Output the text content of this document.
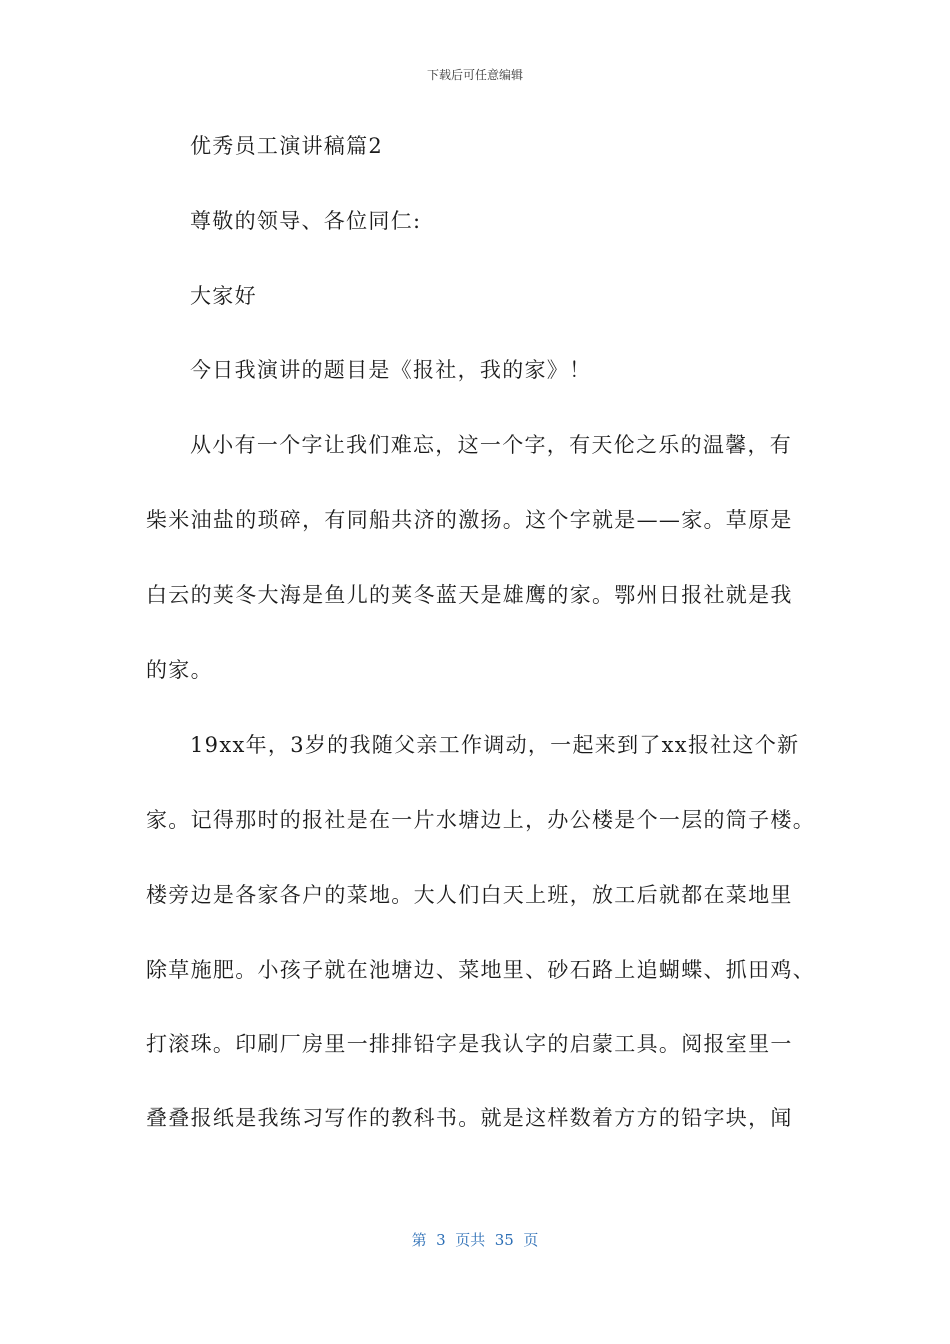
下载后可任意编辑
优秀员工演讲稿篇2
尊敬的领导、各位同仁:
大家好
今日我演讲的题目是《报社，我的家》！
从小有一个字让我们难忘，这一个字，有天伦之乐的温馨，有
柴米油盐的琐碎，有同船共济的激扬。这个字就是——家。草原是
白云的荚冬大海是鱼儿的荚冬蓝天是雄鹰的家。鄂州日报社就是我
的家。
19xx年，3岁的我随父亲工作调动，一起来到了xx报社这个新
家。记得那时的报社是在一片水塘边上，办公楼是个一层的筒子楼。
楼旁边是各家各户的菜地。大人们白天上班，放工后就都在菜地里
除草施肥。小孩子就在池塘边、菜地里、砂石路上追蝴蝶、抓田鸡、
打滚珠。印刷厂房里一排排铅字是我认字的启蒙工具。阅报室里一
叠叠报纸是我练习写作的教科书。就是这样数着方方的铅字块，闻
第  3  页共  35  页
